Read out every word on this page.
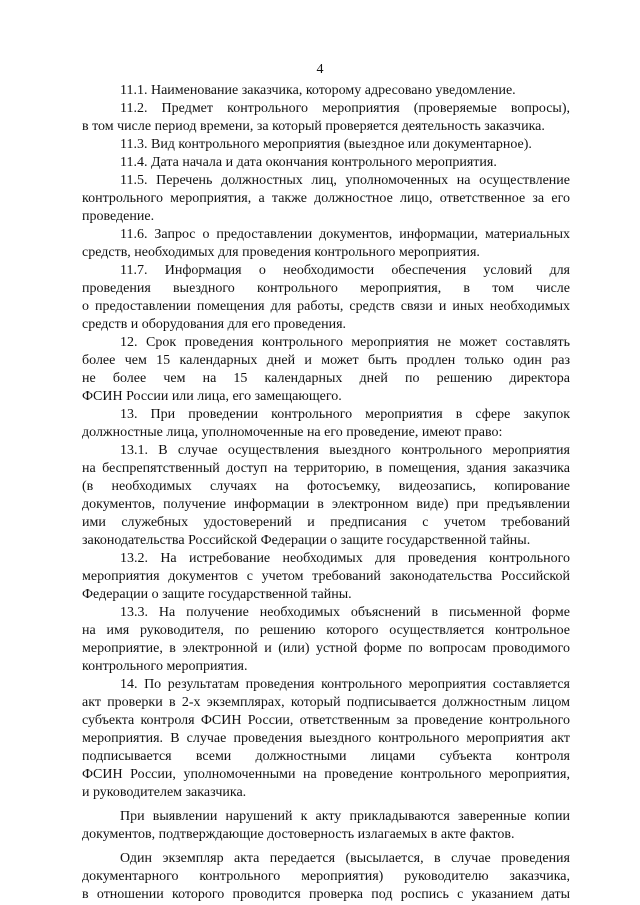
4
11.1. Наименование заказчика, которому адресовано уведомление.
11.2. Предмет контрольного мероприятия (проверяемые вопросы),
в том числе период времени, за который проверяется деятельность заказчика.
11.3. Вид контрольного мероприятия (выездное или документарное).
11.4. Дата начала и дата окончания контрольного мероприятия.
11.5. Перечень должностных лиц, уполномоченных на осуществление
контрольного мероприятия, а также должностное лицо, ответственное за его
проведение.
11.6. Запрос о предоставлении документов, информации, материальных
средств, необходимых для проведения контрольного мероприятия.
11.7. Информация о необходимости обеспечения условий для
проведения выездного контрольного мероприятия, в том числе
о предоставлении помещения для работы, средств связи и иных необходимых
средств и оборудования для его проведения.
12. Срок проведения контрольного мероприятия не может составлять
более чем 15 календарных дней и может быть продлен только один раз
не более чем на 15 календарных дней по решению директора
ФСИН России или лица, его замещающего.
13. При проведении контрольного мероприятия в сфере закупок
должностные лица, уполномоченные на его проведение, имеют право:
13.1. В случае осуществления выездного контрольного мероприятия
на беспрепятственный доступ на территорию, в помещения, здания заказчика
(в необходимых случаях на фотосъемку, видеозапись, копирование
документов, получение информации в электронном виде) при предъявлении
ими служебных удостоверений и предписания с учетом требований
законодательства Российской Федерации о защите государственной тайны.
13.2. На истребование необходимых для проведения контрольного
мероприятия документов с учетом требований законодательства Российской
Федерации о защите государственной тайны.
13.3. На получение необходимых объяснений в письменной форме
на имя руководителя, по решению которого осуществляется контрольное
мероприятие, в электронной и (или) устной форме по вопросам проводимого
контрольного мероприятия.
14. По результатам проведения контрольного мероприятия составляется
акт проверки в 2-х экземплярах, который подписывается должностным лицом
субъекта контроля ФСИН России, ответственным за проведение контрольного
мероприятия. В случае проведения выездного контрольного мероприятия акт
подписывается всеми должностными лицами субъекта контроля
ФСИН России, уполномоченными на проведение контрольного мероприятия,
и руководителем заказчика.
При выявлении нарушений к акту прикладываются заверенные копии
документов, подтверждающие достоверность излагаемых в акте фактов.
Один экземпляр акта передается (высылается, в случае проведения
документарного контрольного мероприятия) руководителю заказчика,
в отношении которого проводится проверка под роспись с указанием даты
